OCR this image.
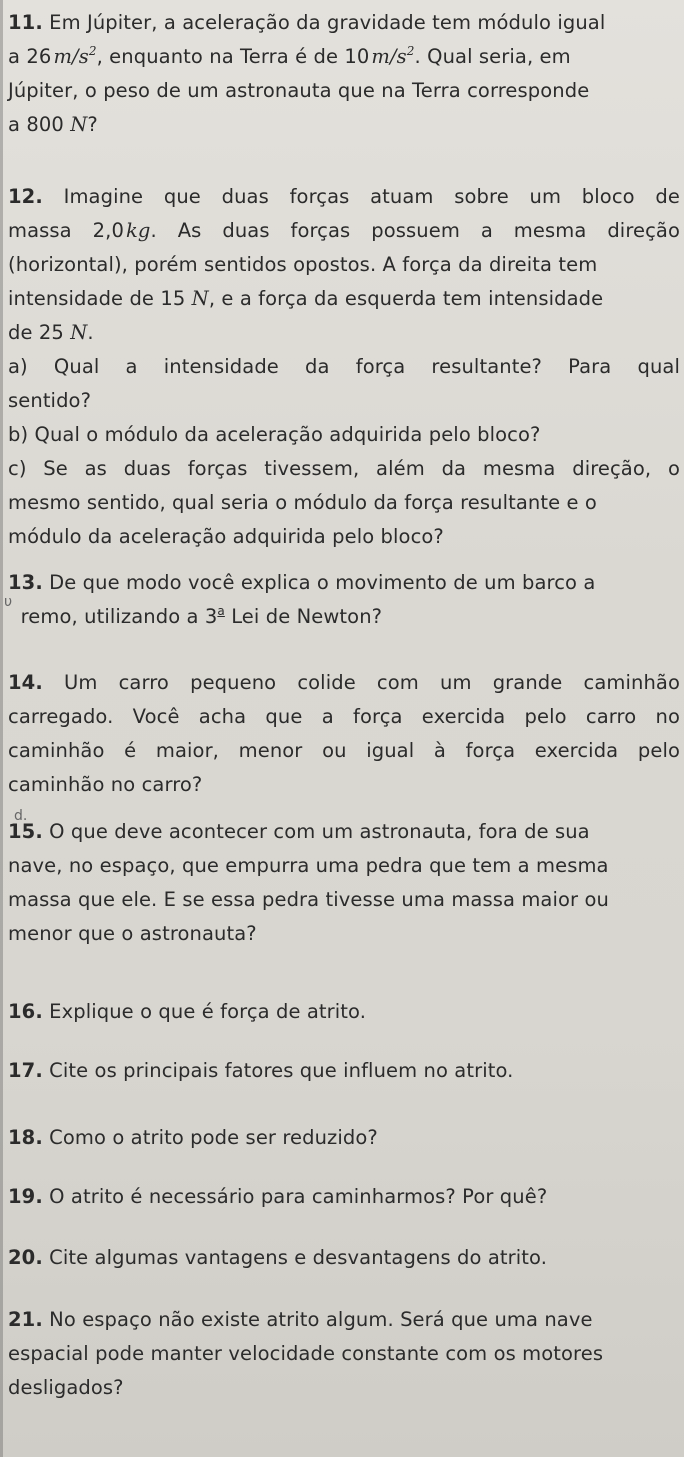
11. Em Júpiter, a aceleração da gravidade tem módulo igual
a 26  $m/s^2$, enquanto na Terra é de 10  $m/s^2$. Qual seria, em
Júpiter, o peso de um astronauta que na Terra corresponde
a 800 N?
12. Imagine que duas forças atuam sobre um bloco de
massa 2,0  kg. As duas forças possuem a mesma direção
(horizontal), porém sentidos opostos. A força da direita tem
intensidade de 15 N, e a força da esquerda tem intensidade
de 25 N.
a) Qual a intensidade da força resultante? Para qual
sentido?
b) Qual o módulo da aceleração adquirida pelo bloco?
c) Se as duas forças tivessem, além da mesma direção, o
mesmo sentido, qual seria o módulo da força resultante e o
módulo da aceleração adquirida pelo bloco?
13. De que modo você explica o movimento de um barco a
remo, utilizando a 3$^a$ Lei de Newton?
υ
14. Um carro pequeno colide com um grande caminhão
carregado. Você acha que a força exercida pelo carro no
caminhão é maior, menor ou igual à força exercida pelo
caminhão no carro?
d.
15. O que deve acontecer com um astronauta, fora de sua
nave, no espaço, que empurra uma pedra que tem a mesma
massa que ele. E se essa pedra tivesse uma massa maior ou
menor que o astronauta?
16. Explique o que é força de atrito.
17. Cite os principais fatores que influem no atrito.
18. Como o atrito pode ser reduzido?
19. O atrito é necessário para caminharmos? Por quê?
20. Cite algumas vantagens e desvantagens do atrito.
21. No espaço não existe atrito algum. Será que uma nave
espacial pode manter velocidade constante com os motores
desligados?
